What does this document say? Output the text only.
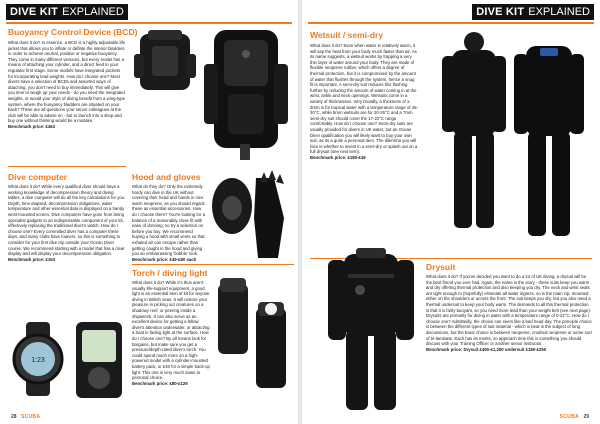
DIVE KIT EXPLAINED
Buoyancy Control Device (BCD)
What does it do? In essence, a BCD is a highly adjustable life jacket that allows you to inflate or deflate the interior bladders in order to achieve neutral, positive or negative buoyancy. They come in many different versions, but every model has a means of attaching your cylinder, and a direct feed to your regulator first stage. Some models have integrated pockets for incorporating lead weights. How do I choose one? Most divers have a selection of BCDs and assorted ways of attaching, you don't need to buy immediately. This will give you time to weigh up your needs - do you need the integrated weights, or would your style of diving benefit from a wing-type system, where the buoyancy bladders are situated on your back? These are all questions your senior colleagues at the club will be able to advise on - but to launch into a shop and buy one without thinking would be a mistake.
Benchmark price: £463
Dive computer
What does it do? While every qualified diver should have a working knowledge of decompression theory and diving tables, a dive computer will do all the key calculations for you. Depth, time elapsed, decompression obligations, water temperature and other essential data is displayed on a handy wrist-mounted screen. Dive computers have gone from being specialist gadgets to an indispensable component of your kit, effectively replacing the traditional diver's watch. How do I choose one? Every committed diver has a computer these days, and many clubs have loaners, so this is something to consider for your first dive trip outside your Ocean Diver course. We recommend starting with a model that has a clear display and will display your decompression obligation.
Benchmark price: £153
1:23
Hood and gloves
What do they do? Only the extremely hardy can dive in the UK without covering their head and hands in nice warm neoprene, as you should regard these as essential accessories. How do I choose them? You're looking for a balance of a reasonably close fit with ease of donning, so try a selection on before you buy. We recommend buying a hood with small vents so that exhaled air can escape rather than getting caught in the hood and giving you an embarrassing 'bobble' look.
Benchmark price: £49-£80 each
Torch / diving light
What does it do? While it's thus aren't usually life-support equipment, a good light is an essential item of kit for anyone diving in British seas. It will restore your pleasure in picking out creatures on a shadowy reef, or peering inside a shipwreck. It can also serve as an excellent device for getting a fellow diver's attention underwater, or attracting a boat in fading light at the surface. How do I choose one? By all means look for bargains, but make sure you get a pressure/depth-rated diver's torch. You could spend much more on a high-powered model with a cylinder-mounted battery pack, or £40 for a simple back-up light. This one is very much down to personal choice.
Benchmark price: £80-£129
28 SCUBA
DIVE KIT EXPLAINED
Wetsuit / semi-dry
What does it do? Even when water is relatively warm, it will sap the heat from your body much faster than air. As its name suggests, a wetsuit works by trapping a very thin layer of water around your body. They are made of flexible neoprene rubber, which offers a degree of thermal protection, but it is compromised by the amount of water that flushes through the system, hence a snug fit is important. A semi-dry suit reduces this flushing further by reducing the amount of water coming in at the wrist, ankle and neck openings. Wetsuits come in a variety of thicknesses. Very broadly, a thickness of 1-3mm is for tropical water with a temperature range of 26-30°C, while 5mm wetsuits are for 20-26°C and a 7mm semi-dry suit should cover the 17-22°C range comfortably. How do I choose one? Semi-dry suits are usually provided for divers in UK water, but an Ocean Diver qualification you will likely want to buy your own suit, as its a quite a personal item. The dilemma you will face is whether to invest in a semi-dry or splash out on a full drysuit (see next item).
Benchmark price: £180-£49
Drysuit
What does it do? If you've decided you want to do a lot of UK diving, a drysuit will be the best friend you ever had. Again, the name is the story - these suits keep you warm and dry offering thermal protection and also keeping you dry. The neck and wrist seals are tight enough to (hopefully) eliminate all water ingress, so is the main zip, mounted either on the shoulders or across the front. The suit keeps you dry, but you also need a thermal undersuit to keep your body warm. The demands to all this thermal protection is that it is fairly buoyant, so you need more lead than your weight belt (see next page). Drysuits are primarily for diving in water with a temperature range of 0-22°C. How do I choose one? Admittedly, the choice can seem like a bad head day. The principle choice is between the different types of suit material - which is beat is the subject of long discussions, but the basic choice is between neoprene, crushed neoprene or some sort of tri-laminate. Each has its merits, so approach time this is something you should discuss with your Training Officer or another senior instructor.
Benchmark price: Drysuit £490-£1,200 undersuit £180-£250
SCUBA 29
